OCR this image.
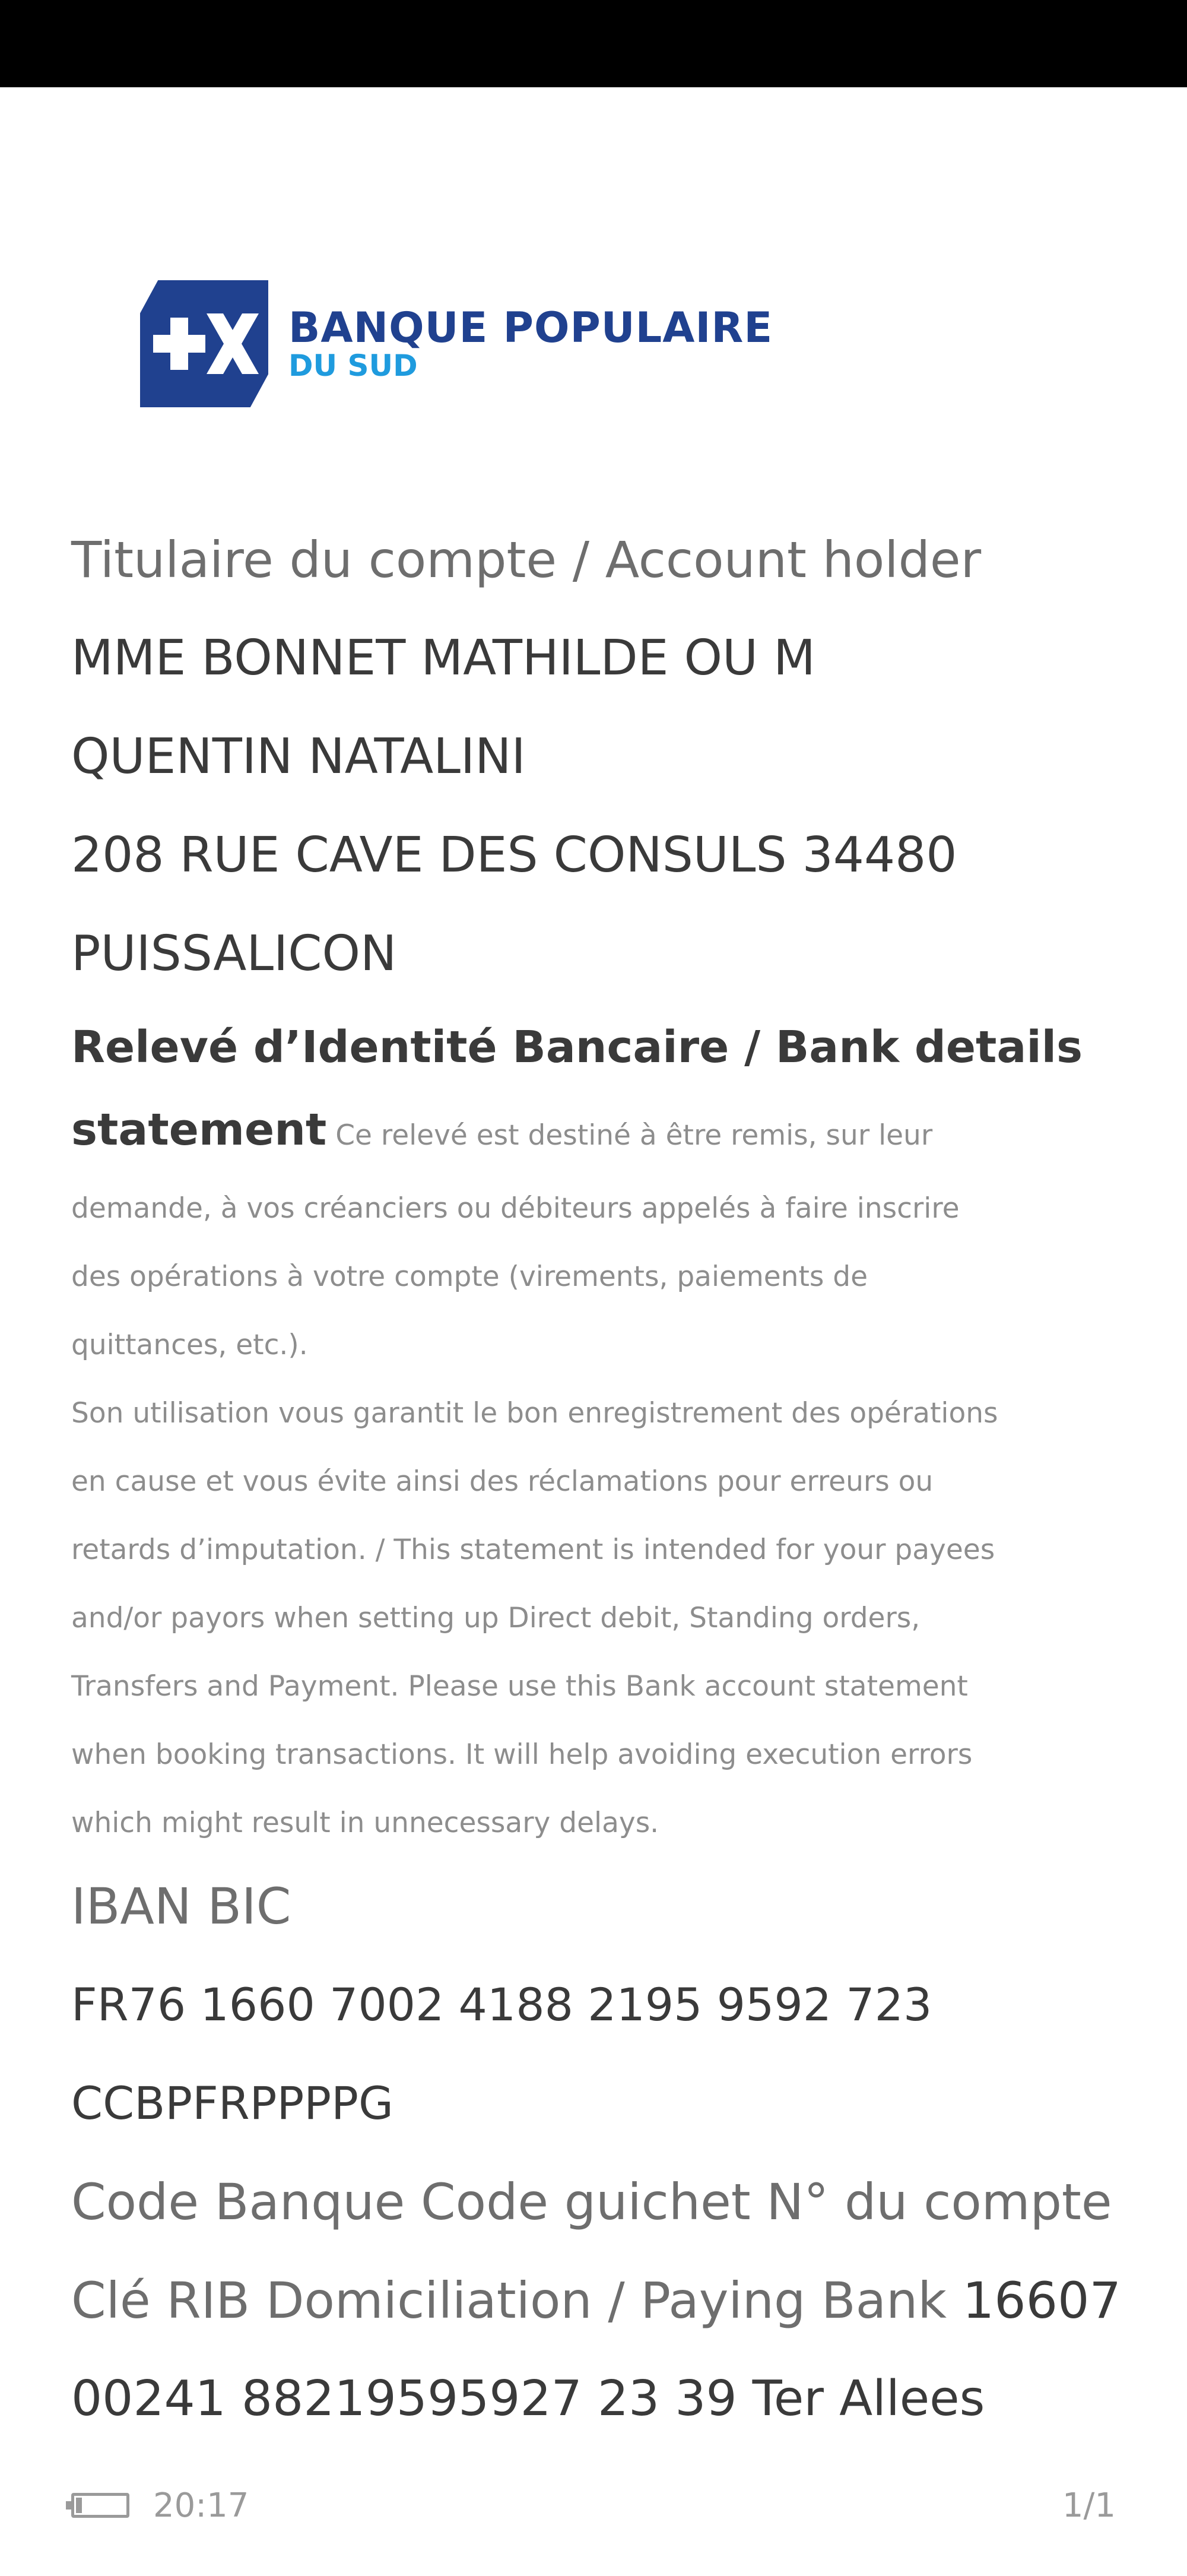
BANQUE POPULAIRE
DU SUD
Titulaire du compte / Account holder
MME BONNET MATHILDE OU M
QUENTIN NATALINI
208 RUE CAVE DES CONSULS 34480
PUISSALICON
Relevé d’Identité Bancaire / Bank details
statement Ce relevé est destiné à être remis, sur leur
demande, à vos créanciers ou débiteurs appelés à faire inscrire
des opérations à votre compte (virements, paiements de
quittances, etc.).
Son utilisation vous garantit le bon enregistrement des opérations
en cause et vous évite ainsi des réclamations pour erreurs ou
retards d’imputation. / This statement is intended for your payees
and/or payors when setting up Direct debit, Standing orders,
Transfers and Payment. Please use this Bank account statement
when booking transactions. It will help avoiding execution errors
which might result in unnecessary delays.
IBAN BIC
FR76 1660 7002 4188 2195 9592 723
CCBPFRPPPPG
Code Banque Code guichet N° du compte
Clé RIB Domiciliation / Paying Bank 16607
00241 88219595927 23 39 Ter Allees
20:17	1/1
